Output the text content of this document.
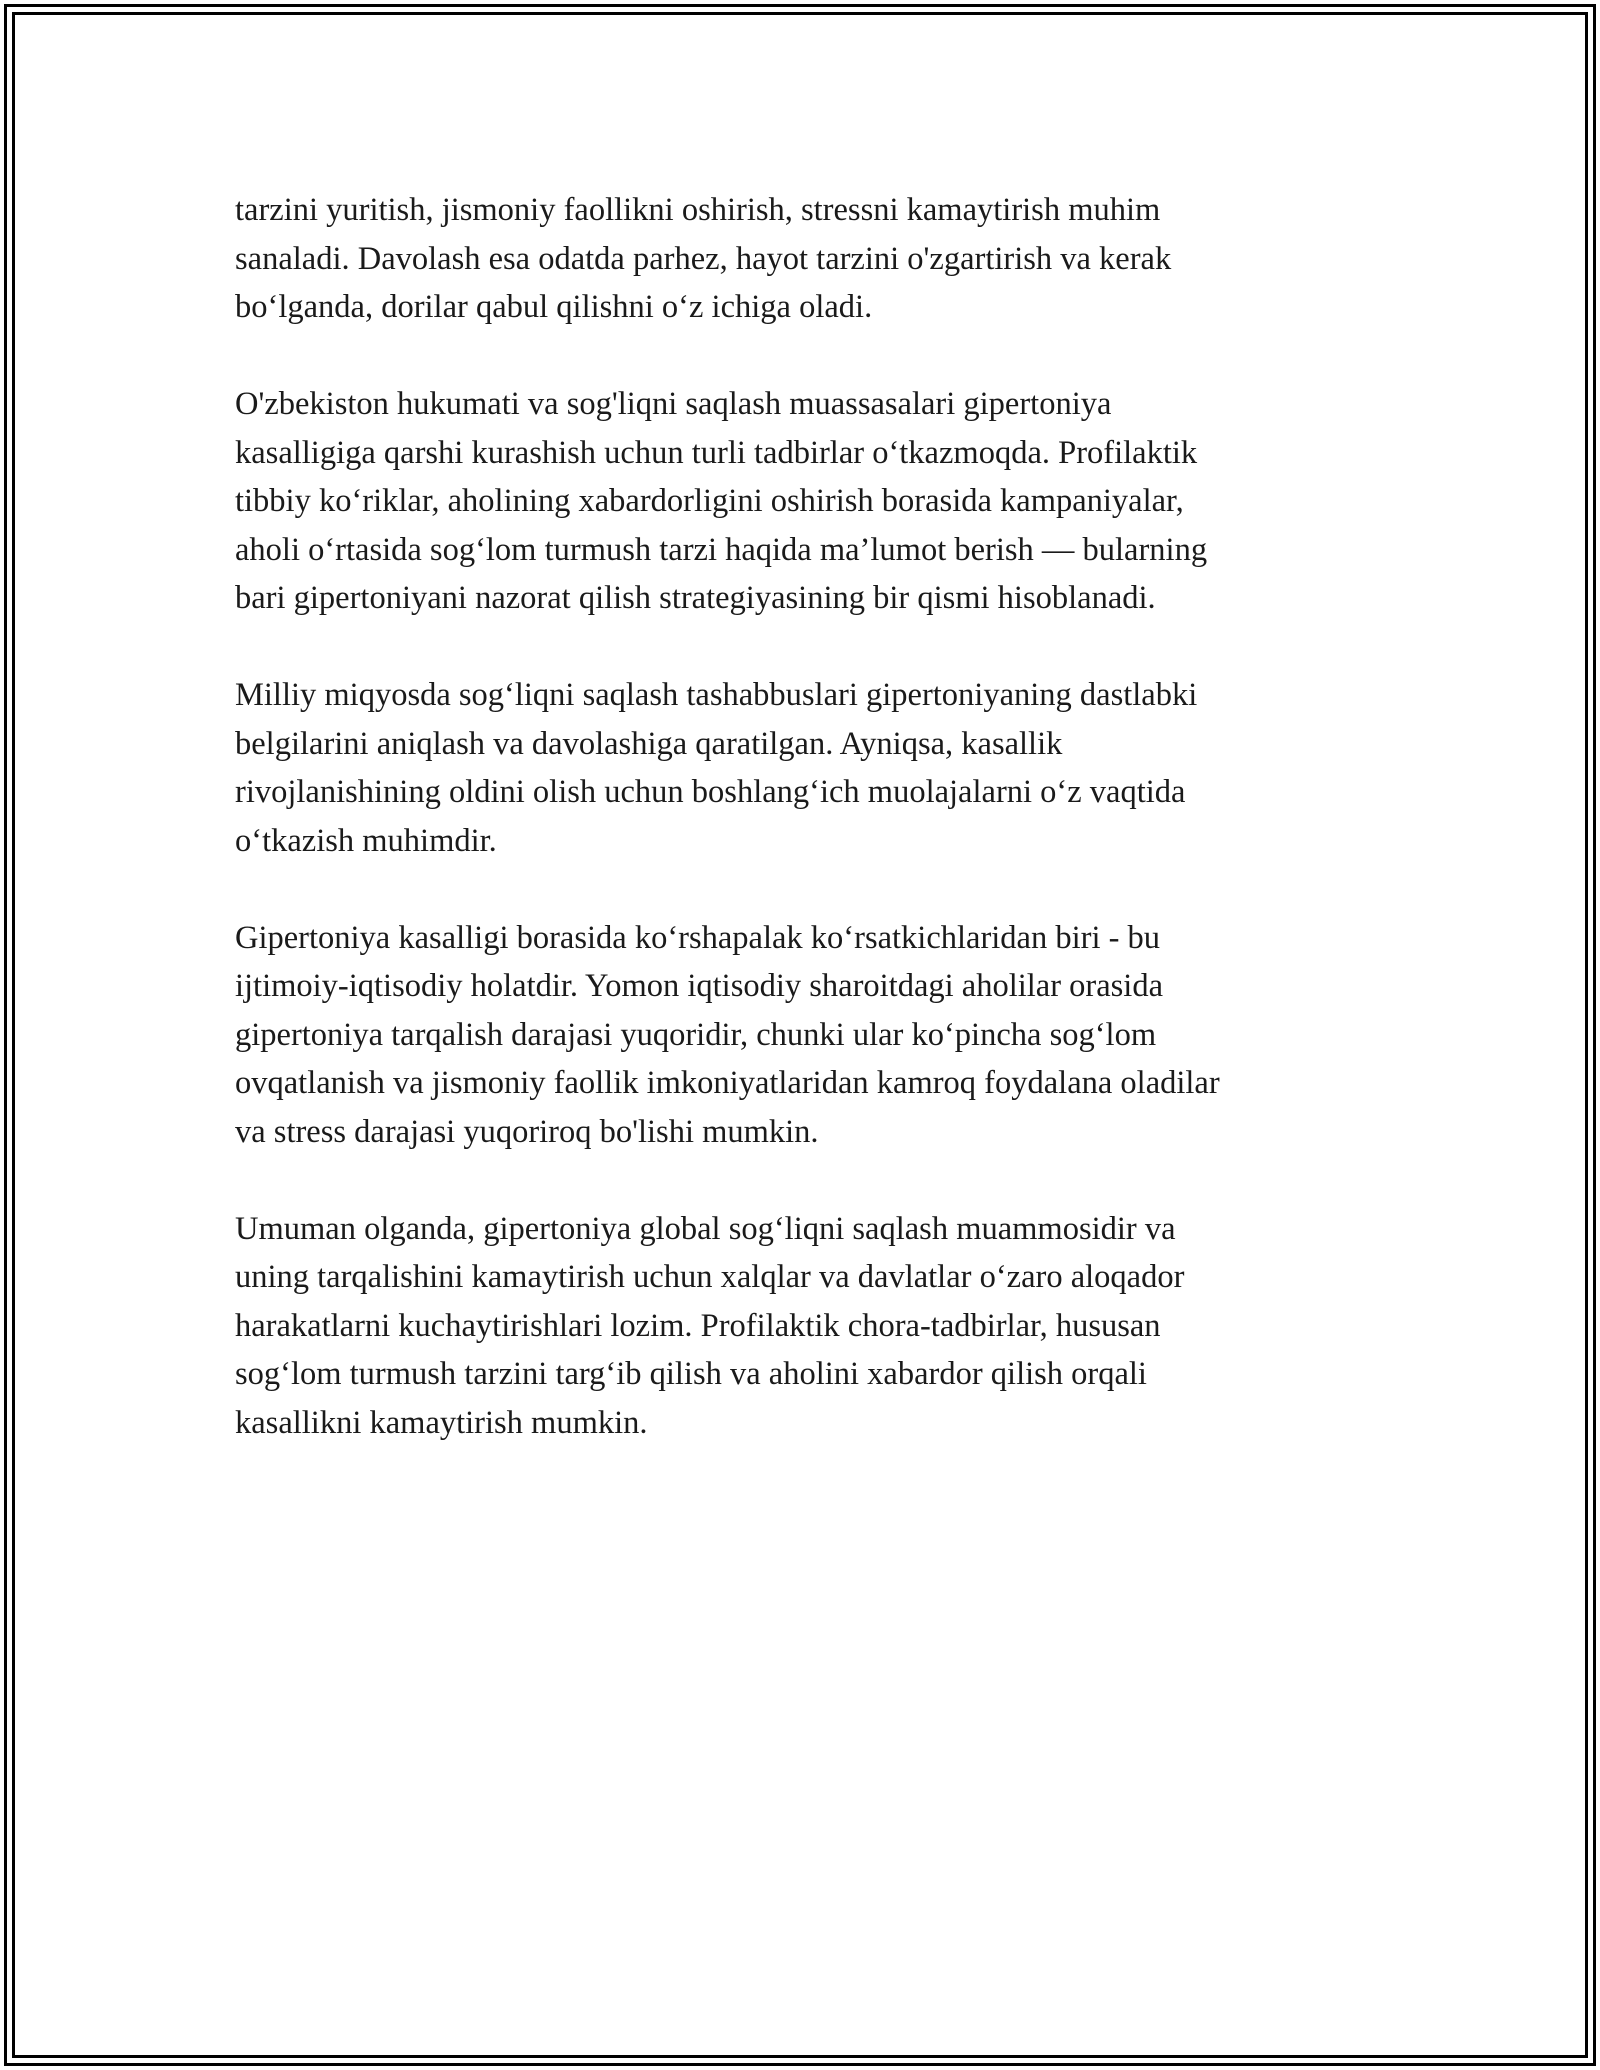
tarzini yuritish, jismoniy faollikni oshirish, stressni kamaytirish muhim
sanaladi. Davolash esa odatda parhez, hayot tarzini o'zgartirish va kerak
bo‘lganda, dorilar qabul qilishni o‘z ichiga oladi.

O'zbekiston hukumati va sog'liqni saqlash muassasalari gipertoniya
kasalligiga qarshi kurashish uchun turli tadbirlar o‘tkazmoqda. Profilaktik
tibbiy ko‘riklar, aholining xabardorligini oshirish borasida kampaniyalar,
aholi o‘rtasida sog‘lom turmush tarzi haqida ma’lumot berish — bularning
bari gipertoniyani nazorat qilish strategiyasining bir qismi hisoblanadi.

Milliy miqyosda sog‘liqni saqlash tashabbuslari gipertoniyaning dastlabki
belgilarini aniqlash va davolashiga qaratilgan. Ayniqsa, kasallik
rivojlanishining oldini olish uchun boshlang‘ich muolajalarni o‘z vaqtida
o‘tkazish muhimdir.

Gipertoniya kasalligi borasida ko‘rshapalak ko‘rsatkichlaridan biri - bu
ijtimoiy-iqtisodiy holatdir. Yomon iqtisodiy sharoitdagi aholilar orasida
gipertoniya tarqalish darajasi yuqoridir, chunki ular ko‘pincha sog‘lom
ovqatlanish va jismoniy faollik imkoniyatlaridan kamroq foydalana oladilar
va stress darajasi yuqoriroq bo'lishi mumkin.

Umuman olganda, gipertoniya global sog‘liqni saqlash muammosidir va
uning tarqalishini kamaytirish uchun xalqlar va davlatlar o‘zaro aloqador
harakatlarni kuchaytirishlari lozim. Profilaktik chora-tadbirlar, hususan
sog‘lom turmush tarzini targ‘ib qilish va aholini xabardor qilish orqali
kasallikni kamaytirish mumkin.
